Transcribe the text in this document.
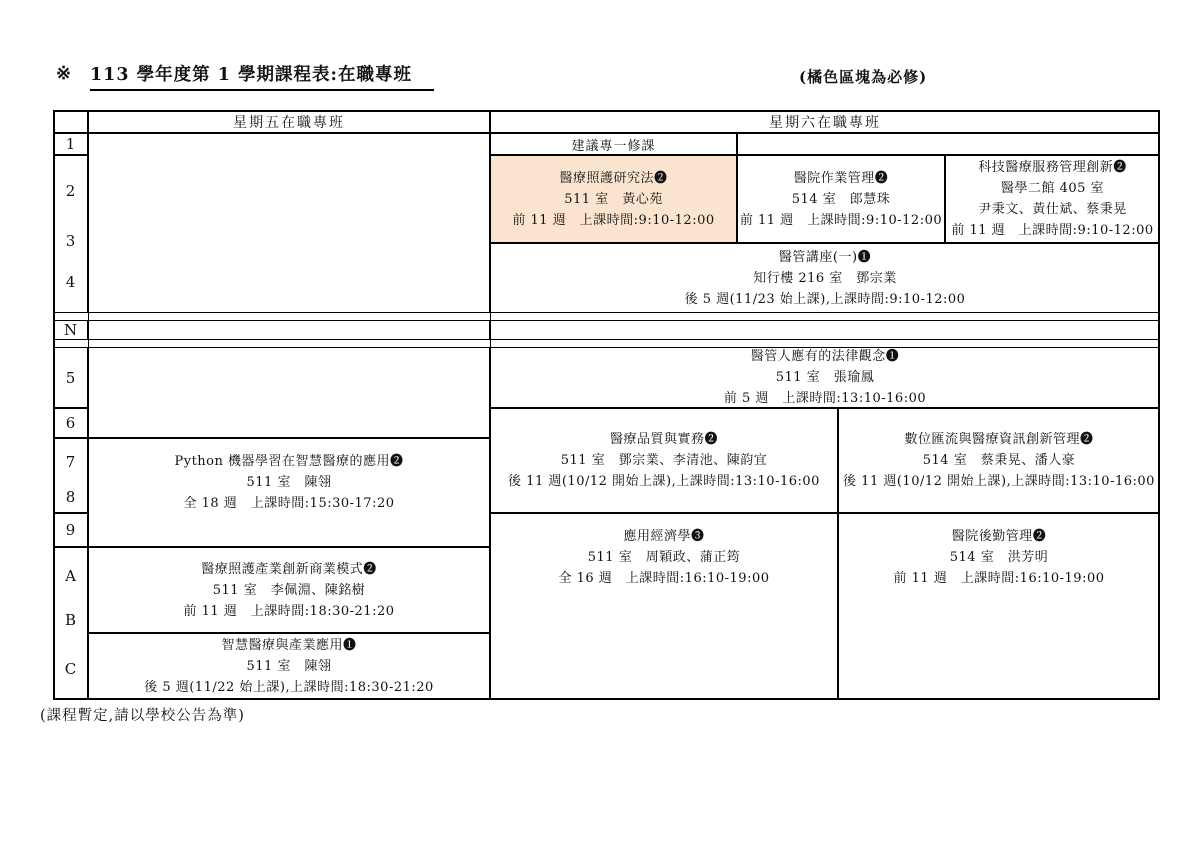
※ 113 學年度第 1 學期課程表:在職專班	(橘色區塊為必修)
星期五在職專班	星期六在職專班
1
2
3
4
N
5
6
7
8
9
A
B
C
Python 機器學習在智慧醫療的應用❷
511 室　陳翎
全 18 週　上課時間:15:30-17:20
醫療照護產業創新商業模式❷
511 室　李佩淵、陳銘樹
前 11 週　上課時間:18:30-21:20
智慧醫療與產業應用❶
511 室　陳翎
後 5 週(11/22 始上課),上課時間:18:30-21:20
建議專一修課
醫療照護研究法❷
511 室　黃心苑
前 11 週　上課時間:9:10-12:00
醫院作業管理❷
514 室　郎慧珠
前 11 週　上課時間:9:10-12:00
科技醫療服務管理創新❷
醫學二館 405 室
尹秉文、黃仕斌、蔡秉晃
前 11 週　上課時間:9:10-12:00
醫管講座(一)❶
知行樓 216 室　鄧宗業
後 5 週(11/23 始上課),上課時間:9:10-12:00
醫管人應有的法律觀念❶
511 室　張瑜鳳
前 5 週　上課時間:13:10-16:00
醫療品質與實務❷
511 室　鄧宗業、李清池、陳韵宜
後 11 週(10/12 開始上課),上課時間:13:10-16:00
數位匯流與醫療資訊創新管理❷
514 室　蔡秉晃、潘人豪
後 11 週(10/12 開始上課),上課時間:13:10-16:00
應用經濟學❸
511 室　周穎政、蒲正筠
全 16 週　上課時間:16:10-19:00
醫院後勤管理❷
514 室　洪芳明
前 11 週　上課時間:16:10-19:00
(課程暫定,請以學校公告為準)
